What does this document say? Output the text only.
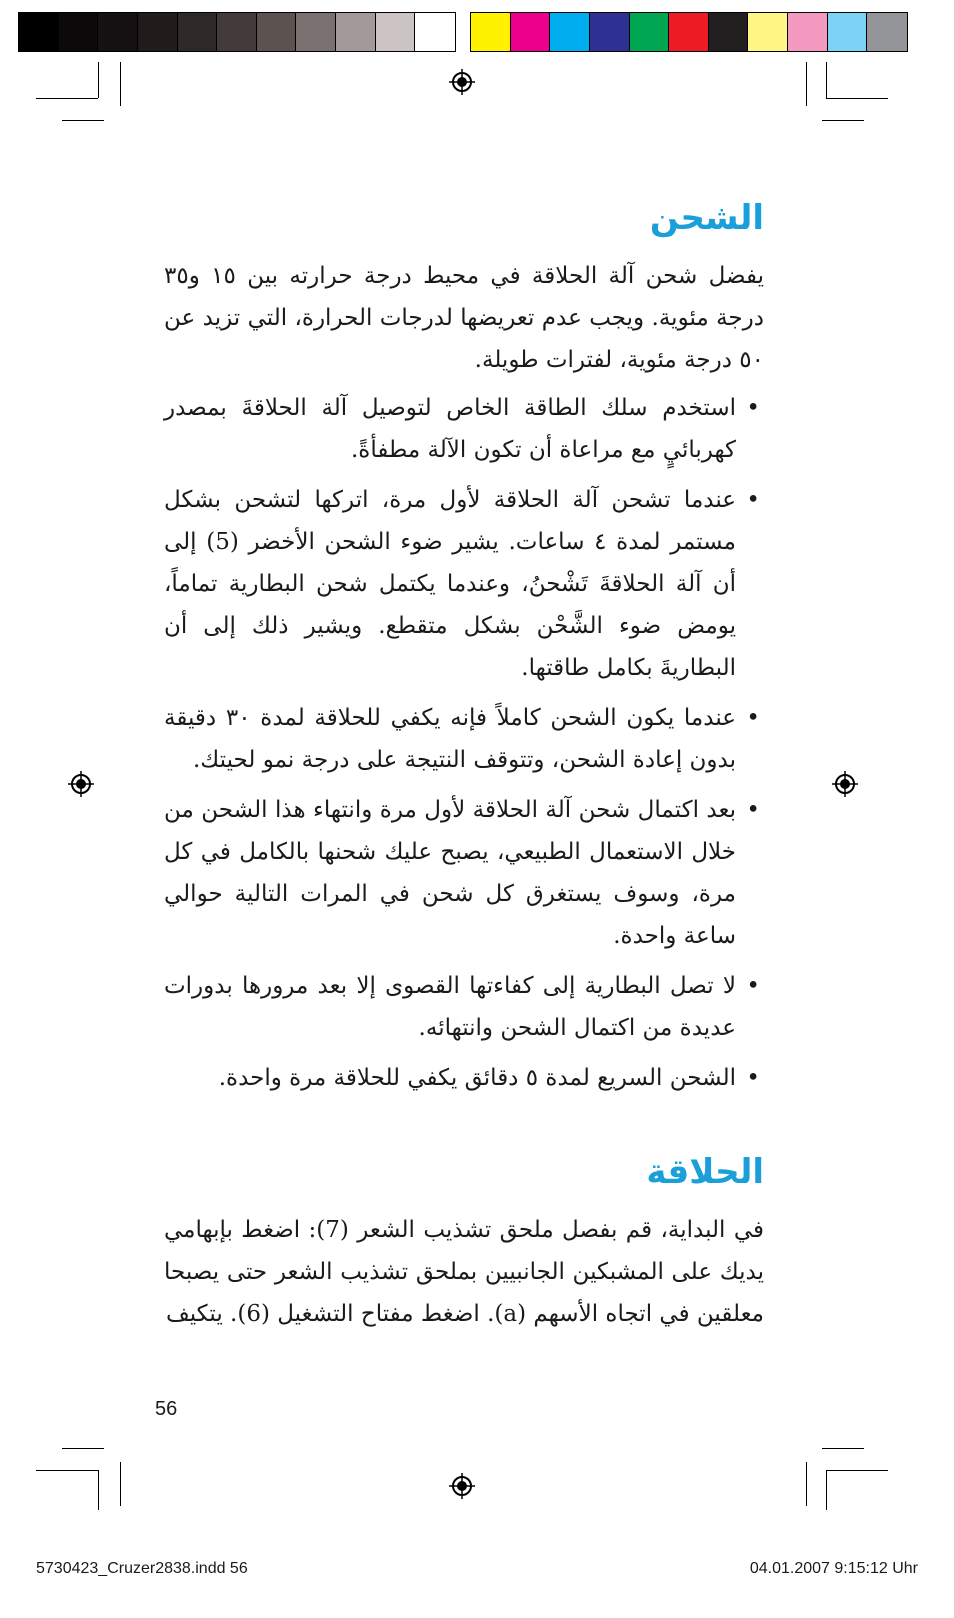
الشحن

يفضل شحن آلة الحلاقة في محيط درجة حرارته بين ١٥ و٣٥ درجة مئوية. ويجب عدم تعريضها لدرجات الحرارة، التي تزيد عن ٥٠ درجة مئوية، لفترات طويلة.

• استخدم سلك الطاقة الخاص لتوصيل آلة الحلاقةَ بمصدر كهربائيٍ مع مراعاة أن تكون الآلة مطفأةً.
• عندما تشحن آلة الحلاقة لأول مرة، اتركها لتشحن بشكل مستمر لمدة ٤ ساعات. يشير ضوء الشحن الأخضر (5) إلى أن آلة الحلاقةَ تَشْحنُ، وعندما يكتمل شحن البطارية تماماً، يومض ضوء الشَّحْن بشكل متقطع. ويشير ذلك إلى أن البطاريةَ بكامل طاقتها.
• عندما يكون الشحن كاملاً فإنه يكفي للحلاقة لمدة ٣٠ دقيقة بدون إعادة الشحن، وتتوقف النتيجة على درجة نمو لحيتك.
• بعد اكتمال شحن آلة الحلاقة لأول مرة وانتهاء هذا الشحن من خلال الاستعمال الطبيعي، يصبح عليك شحنها بالكامل في كل مرة، وسوف يستغرق كل شحن في المرات التالية حوالي ساعة واحدة.
• لا تصل البطارية إلى كفاءتها القصوى إلا بعد مرورها بدورات عديدة من اكتمال الشحن وانتهائه.
• الشحن السريع لمدة ٥ دقائق يكفي للحلاقة مرة واحدة.
الحلاقة

في البداية، قم بفصل ملحق تشذيب الشعر (7): اضغط بإبهامي يديك على المشبكين الجانبيين بملحق تشذيب الشعر حتى يصبحا معلقين في اتجاه الأسهم (a). اضغط مفتاح التشغيل (6). يتكيف

56
5730423_Cruzer2838.indd 56	04.01.2007 9:15:12 Uhr
